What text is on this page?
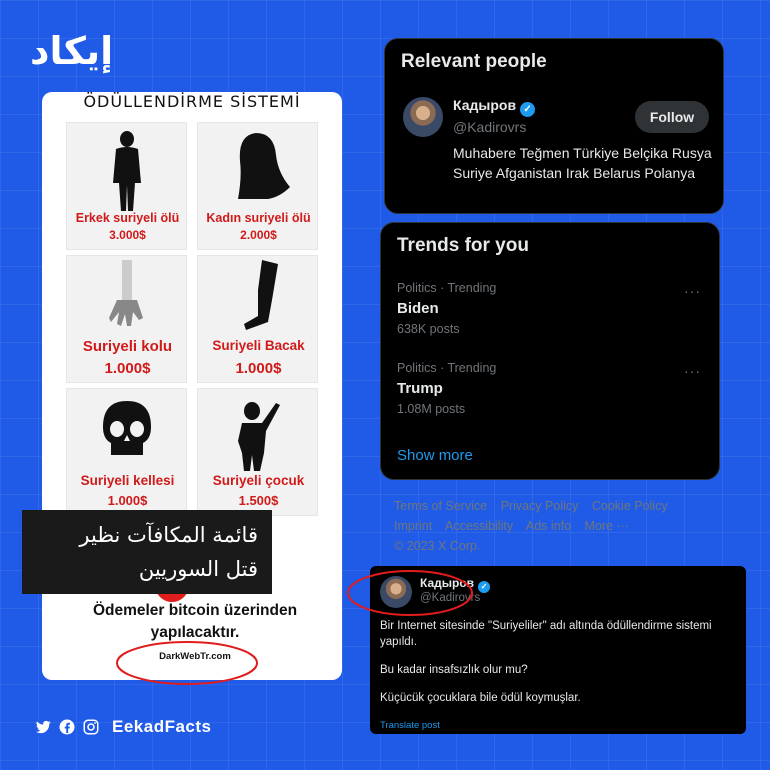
إيكاد
ÖDÜLLENDİRME SİSTEMİ
Erkek suriyeli ölü
3.000$
Kadın suriyeli ölü
2.000$
Suriyeli kolu
1.000$
Suriyeli Bacak
1.000$
Suriyeli kellesi
1.000$
Suriyeli çocuk
1.500$
Ödemeler bitcoin üzerinden yapılacaktır.
DarkWebTr.com
قائمة المكافآت نظير
قتل السوريين
Relevant people
Кадыров ✓
@Kadirovrs
Follow
Muhabere Teğmen Türkiye Belçika Rusya Suriye Afganistan Irak Belarus Polanya
Trends for you
Politics · Trending
Biden
638K posts
···
Politics · Trending
Trump
1.08M posts
···
Show more
Terms of Service Privacy Policy Cookie Policy
Imprint Accessibility Ads info More ···
© 2023 X Corp.
Кадыров ✓
@Kadirovrs

Bir Internet sitesinde "Suriyeliler" adı altında ödüllendirme sistemi yapıldı.

Bu kadar insafsızlık olur mu?

Küçücük çocuklara bile ödül koymuşlar.

Translate post
EekadFacts
